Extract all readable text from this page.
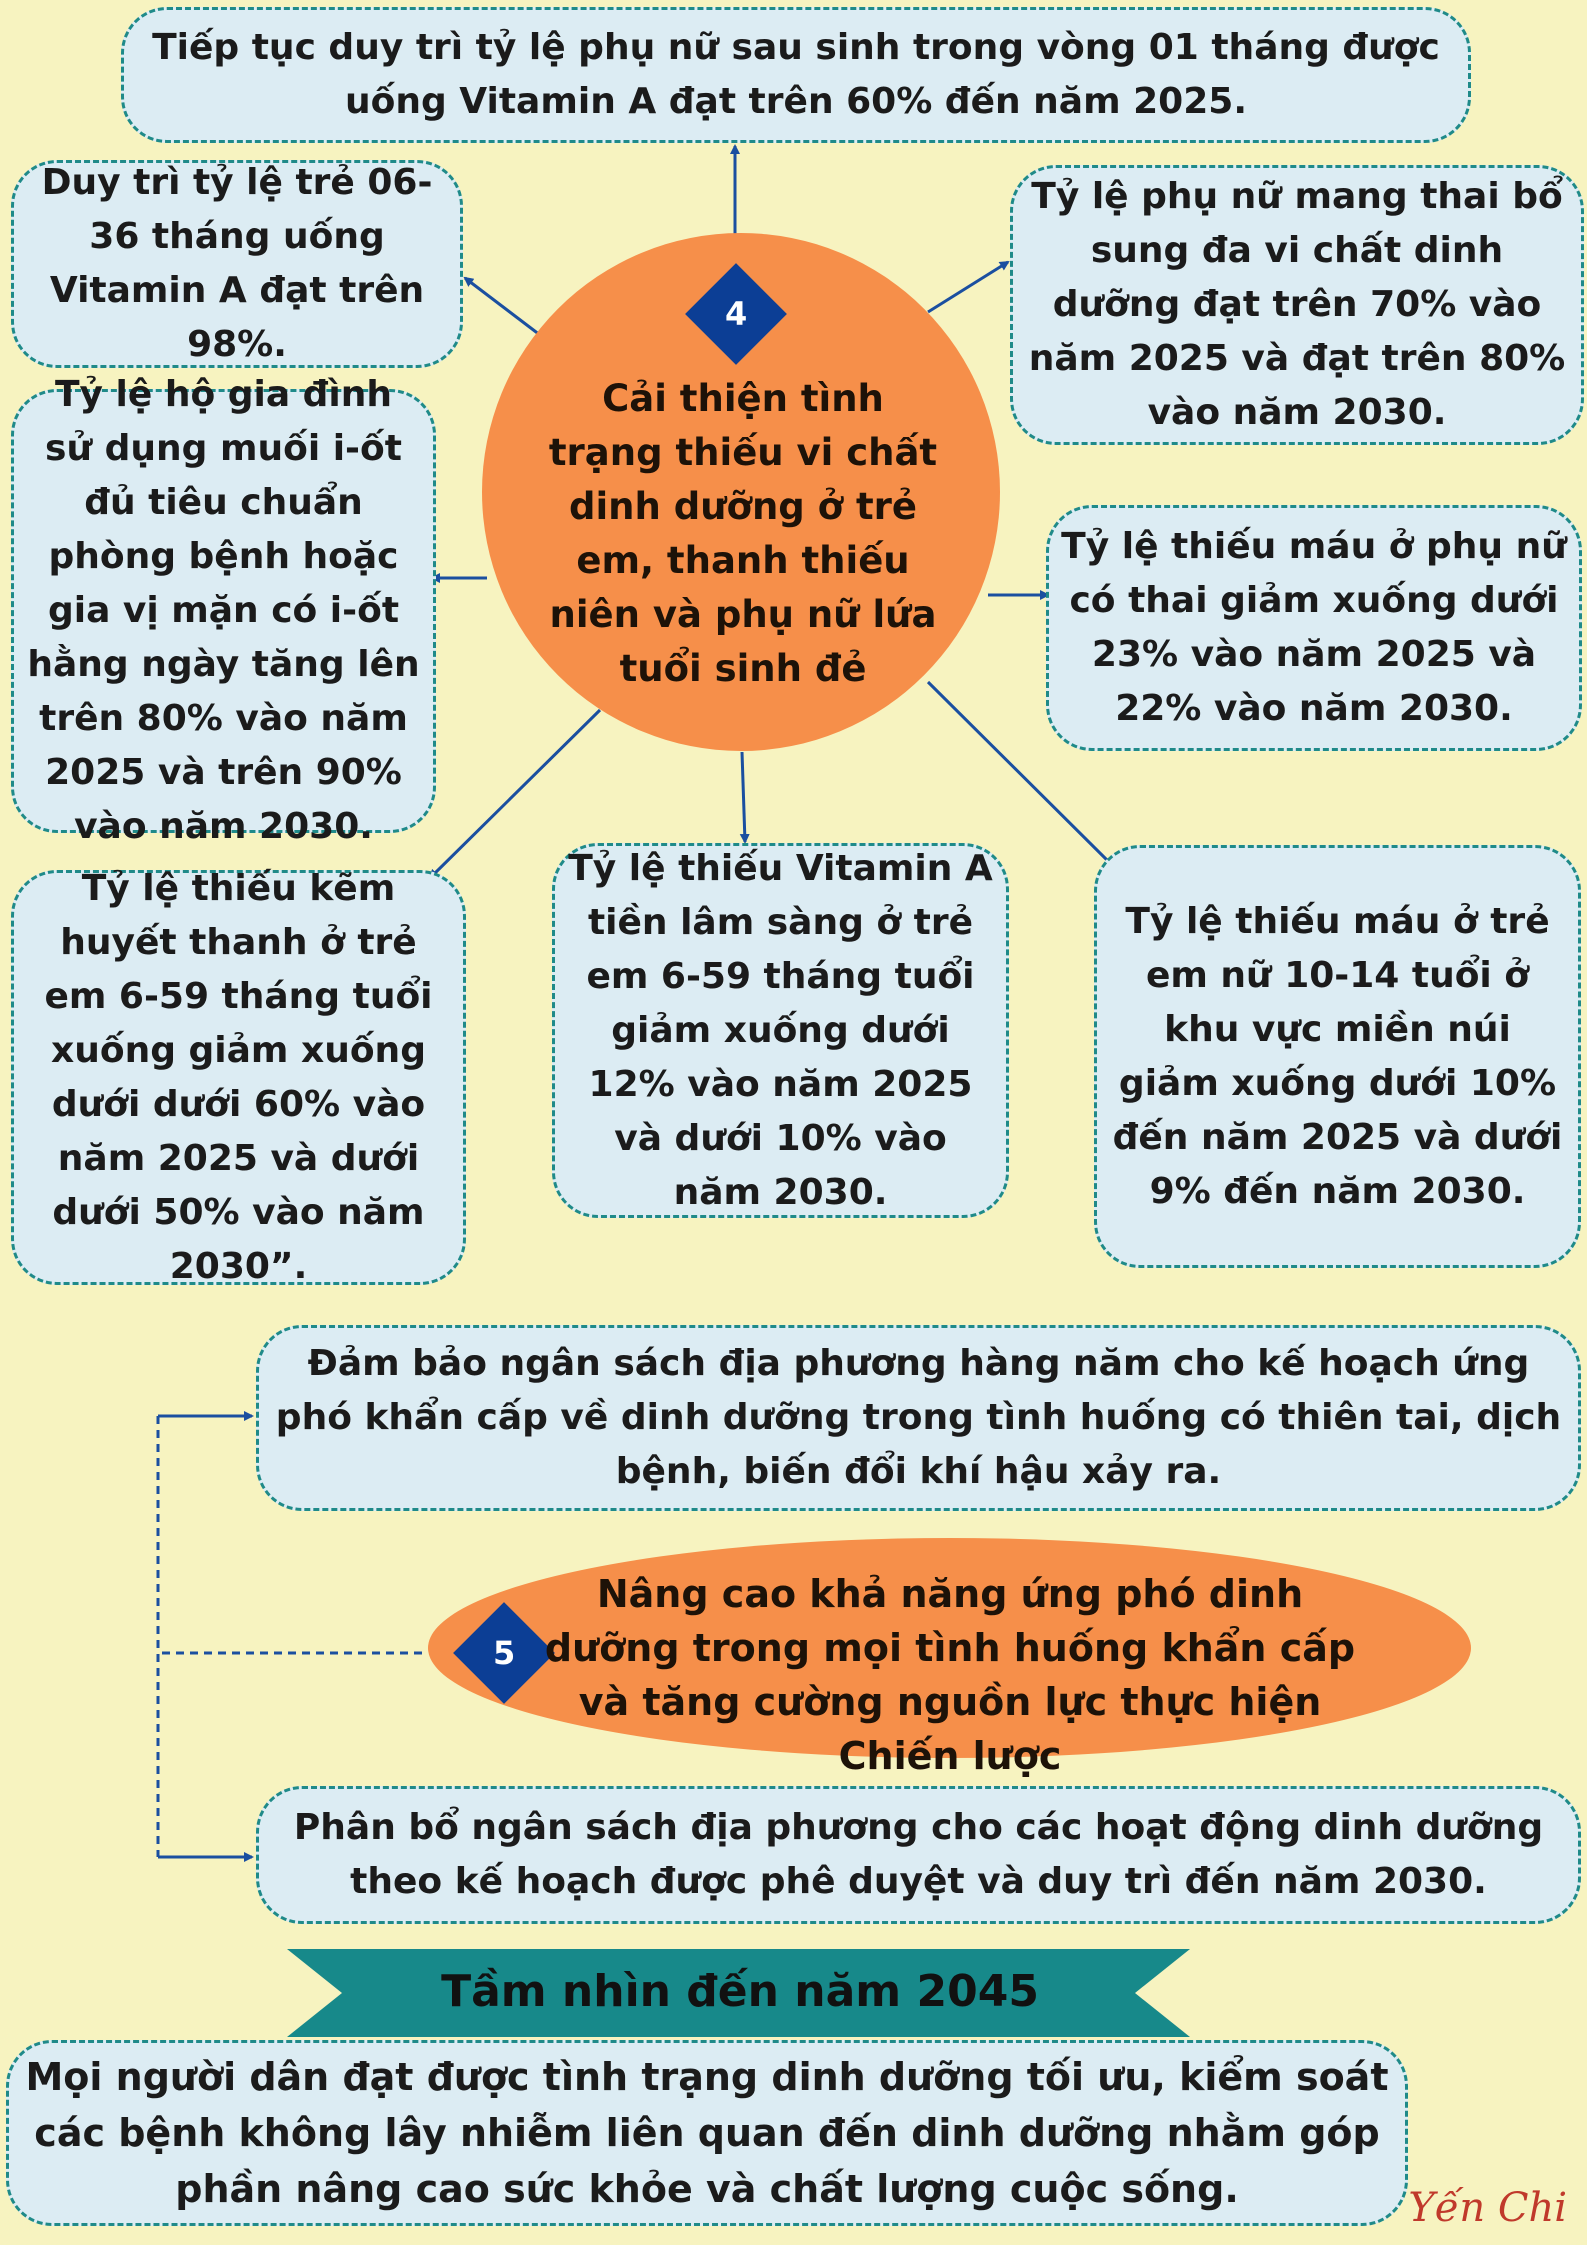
Tiếp tục duy trì tỷ lệ phụ nữ sau sinh trong vòng 01 tháng được uống Vitamin A đạt trên 60% đến năm 2025.
Duy trì tỷ lệ trẻ 06-36 tháng uống Vitamin A đạt trên 98%.
Tỷ lệ phụ nữ mang thai bổ sung đa vi chất dinh dưỡng đạt trên 70% vào năm 2025 và đạt trên 80% vào năm 2030.
Tỷ lệ hộ gia đình sử dụng muối i-ốt đủ tiêu chuẩn phòng bệnh hoặc gia vị mặn có i-ốt hằng ngày tăng lên trên 80% vào năm 2025 và trên 90% vào năm 2030.
Tỷ lệ thiếu máu ở phụ nữ có thai giảm xuống dưới 23% vào năm 2025 và 22% vào năm 2030.
Tỷ lệ thiếu kẽm huyết thanh ở trẻ em 6-59 tháng tuổi xuống giảm xuống dưới dưới 60% vào năm 2025 và dưới dưới 50% vào năm 2030”.
Tỷ lệ thiếu Vitamin A tiền lâm sàng ở trẻ em 6-59 tháng tuổi giảm xuống dưới 12% vào năm 2025 và dưới 10% vào năm 2030.
Tỷ lệ thiếu máu ở trẻ em nữ 10-14 tuổi ở khu vực miền núi giảm xuống dưới 10% đến năm 2025 và dưới 9% đến năm 2030.
4
Cải thiện tình trạng thiếu vi chất dinh dưỡng ở trẻ em, thanh thiếu niên và phụ nữ lứa tuổi sinh đẻ
Đảm bảo ngân sách địa phương hàng năm cho kế hoạch ứng phó khẩn cấp về dinh dưỡng trong tình huống có thiên tai, dịch bệnh, biến đổi khí hậu xảy ra.
5
Nâng cao khả năng ứng phó dinh dưỡng trong mọi tình huống khẩn cấp và tăng cường nguồn lực thực hiện Chiến lược
Phân bổ ngân sách địa phương cho các hoạt động dinh dưỡng theo kế hoạch được phê duyệt và duy trì đến năm 2030.
Tầm nhìn đến năm 2045
Mọi người dân đạt được tình trạng dinh dưỡng tối ưu, kiểm soát các bệnh không lây nhiễm liên quan đến dinh dưỡng nhằm góp phần nâng cao sức khỏe và chất lượng cuộc sống.	Yến Chi
